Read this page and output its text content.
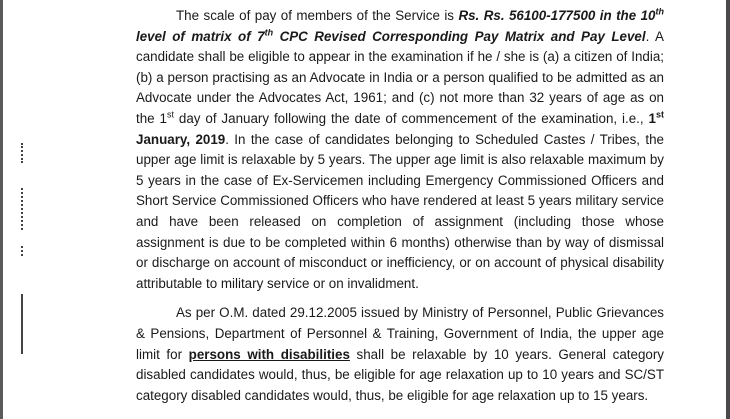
The scale of pay of members of the Service is Rs. Rs. 56100-177500 in the 10th level of matrix of 7th CPC Revised Corresponding Pay Matrix and Pay Level. A candidate shall be eligible to appear in the examination if he / she is (a) a citizen of India; (b) a person practising as an Advocate in India or a person qualified to be admitted as an Advocate under the Advocates Act, 1961; and (c) not more than 32 years of age as on the 1st day of January following the date of commencement of the examination, i.e., 1st January, 2019. In the case of candidates belonging to Scheduled Castes / Tribes, the upper age limit is relaxable by 5 years. The upper age limit is also relaxable maximum by 5 years in the case of Ex-Servicemen including Emergency Commissioned Officers and Short Service Commissioned Officers who have rendered at least 5 years military service and have been released on completion of assignment (including those whose assignment is due to be completed within 6 months) otherwise than by way of dismissal or discharge on account of misconduct or inefficiency, or on account of physical disability attributable to military service or on invalidment.

As per O.M. dated 29.12.2005 issued by Ministry of Personnel, Public Grievances & Pensions, Department of Personnel & Training, Government of India, the upper age limit for persons with disabilities shall be relaxable by 10 years. General category disabled candidates would, thus, be eligible for age relaxation up to 10 years and SC/ST category disabled candidates would, thus, be eligible for age relaxation up to 15 years.
